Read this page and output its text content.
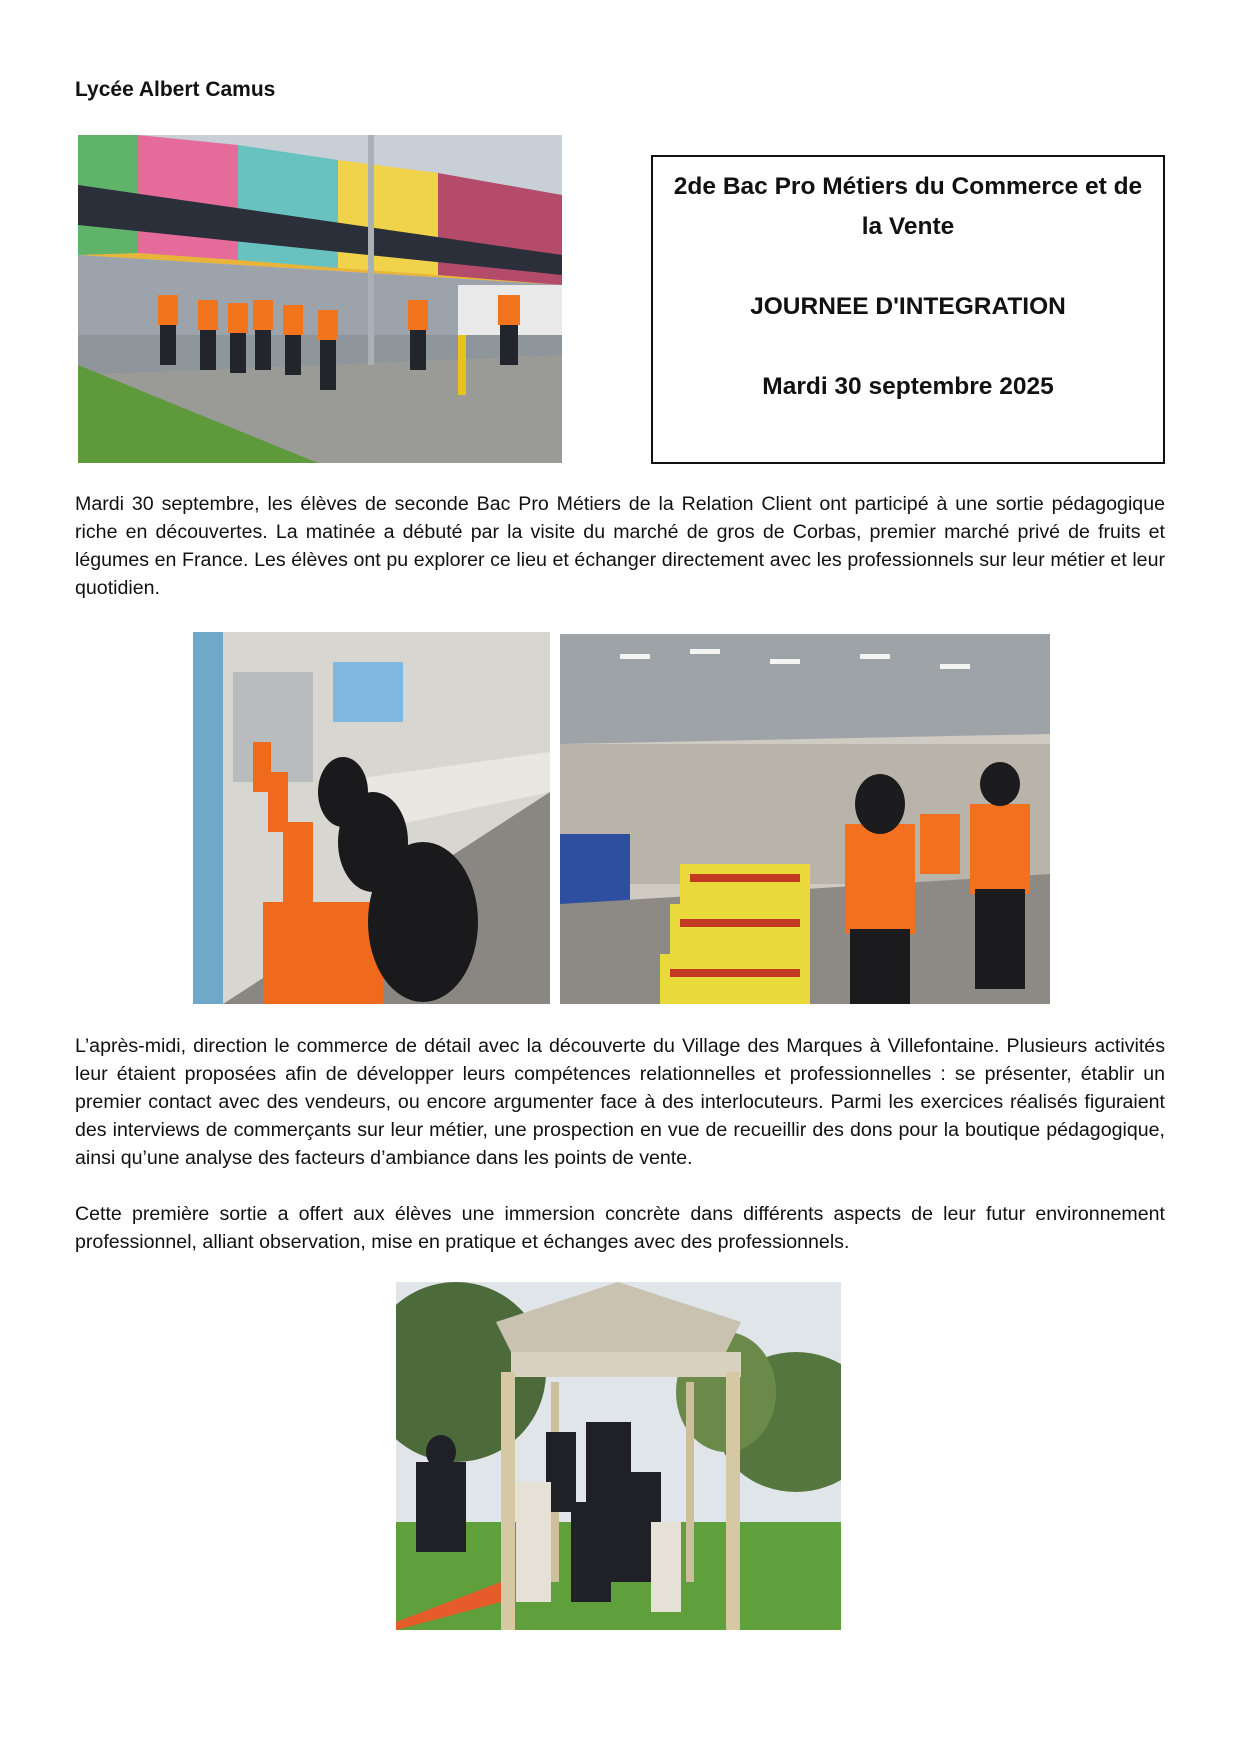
Lycée Albert Camus
2de Bac Pro Métiers du Commerce et de la Vente
JOURNEE D'INTEGRATION
Mardi 30 septembre 2025
Mardi 30 septembre, les élèves de seconde Bac Pro Métiers de la Relation Client ont participé à une sortie pédagogique riche en découvertes. La matinée a débuté par la visite du marché de gros de Corbas, premier marché privé de fruits et légumes en France. Les élèves ont pu explorer ce lieu et échanger directement avec les professionnels sur leur métier et leur quotidien.
L’après-midi, direction le commerce de détail avec la découverte du Village des Marques à Villefontaine. Plusieurs activités leur étaient proposées afin de développer leurs compétences relationnelles et professionnelles : se présenter, établir un premier contact avec des vendeurs, ou encore argumenter face à des interlocuteurs. Parmi les exercices réalisés figuraient des interviews de commerçants sur leur métier, une prospection en vue de recueillir des dons pour la boutique pédagogique, ainsi qu’une analyse des facteurs d’ambiance dans les points de vente.
Cette première sortie a offert aux élèves une immersion concrète dans différents aspects de leur futur environnement professionnel, alliant observation, mise en pratique et échanges avec des professionnels.
